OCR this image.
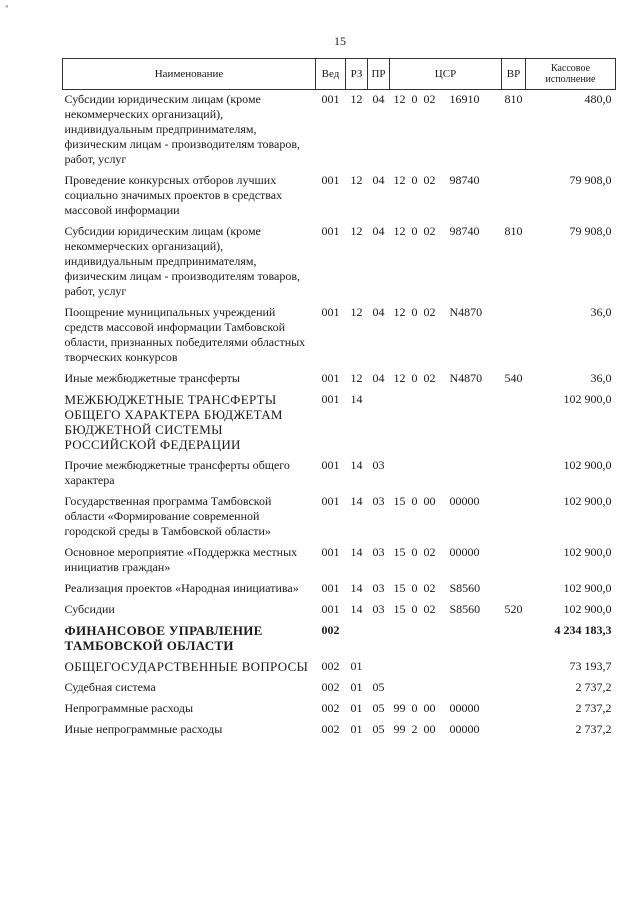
"
15
Наименование	Вед	РЗ	ПР	ЦСР	ВР	Кассовое исполнение
Субсидии юридическим лицам (кроме некоммерческих организаций), индивидуальным предпринимателям, физическим лицам - производителям товаров, работ, услуг	001	12	04	12 0 02 16910	810	480,0
Проведение конкурсных отборов лучших социально значимых проектов в средствах массовой информации	001	12	04	12 0 02 98740		79 908,0
Субсидии юридическим лицам (кроме некоммерческих организаций), индивидуальным предпринимателям, физическим лицам - производителям товаров, работ, услуг	001	12	04	12 0 02 98740	810	79 908,0
Поощрение муниципальных учреждений средств массовой информации Тамбовской области, признанных победителями областных творческих конкурсов	001	12	04	12 0 02 N4870		36,0
Иные межбюджетные трансферты	001	12	04	12 0 02 N4870	540	36,0
МЕЖБЮДЖЕТНЫЕ ТРАНСФЕРТЫ ОБЩЕГО ХАРАКТЕРА БЮДЖЕТАМ БЮДЖЕТНОЙ СИСТЕМЫ РОССИЙСКОЙ ФЕДЕРАЦИИ	001	14				102 900,0
Прочие межбюджетные трансферты общего характера	001	14	03			102 900,0
Государственная программа Тамбовской области «Формирование современной городской среды в Тамбовской области»	001	14	03	15 0 00 00000		102 900,0
Основное мероприятие «Поддержка местных инициатив граждан»	001	14	03	15 0 02 00000		102 900,0
Реализация проектов «Народная инициатива»	001	14	03	15 0 02 S8560		102 900,0
Субсидии	001	14	03	15 0 02 S8560	520	102 900,0
ФИНАНСОВОЕ УПРАВЛЕНИЕ ТАМБОВСКОЙ ОБЛАСТИ	002					4 234 183,3
ОБЩЕГОСУДАРСТВЕННЫЕ ВОПРОСЫ	002	01				73 193,7
Судебная система	002	01	05			2 737,2
Непрограммные расходы	002	01	05	99 0 00 00000		2 737,2
Иные непрограммные расходы	002	01	05	99 2 00 00000		2 737,2
